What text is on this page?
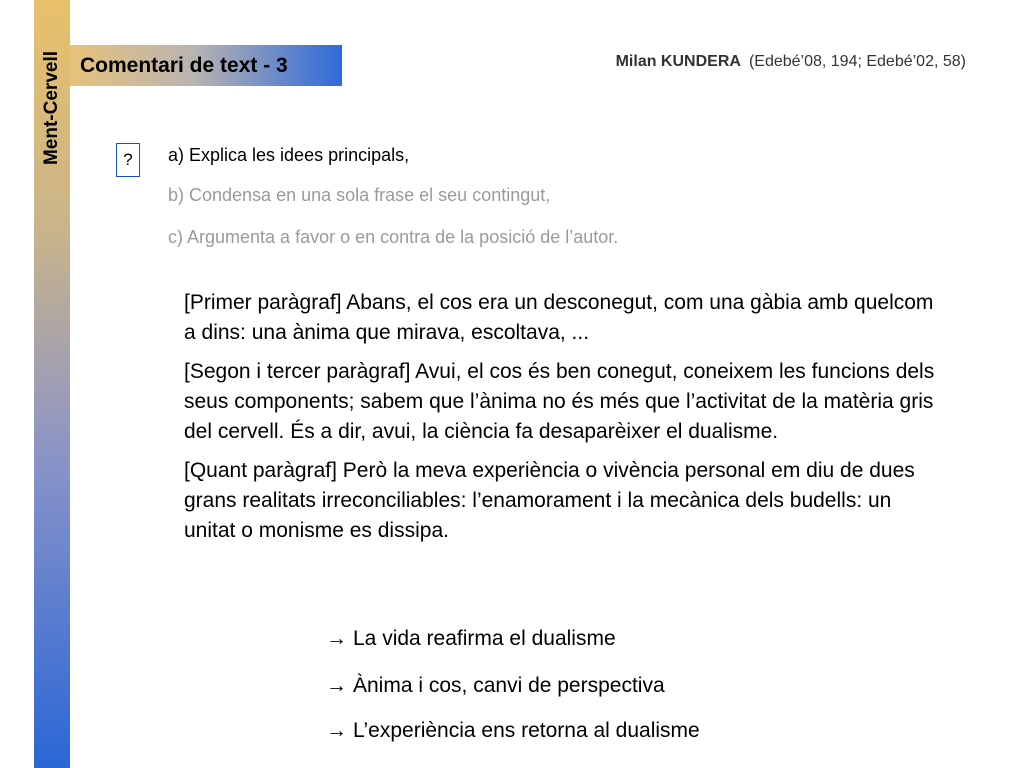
Ment-Cervell Comentari de text - 3	Milan KUNDERA (Edebé’08, 194; Edebé’02, 58)
?	a) Explica les idees principals,
b) Condensa en una sola frase el seu contingut,
c) Argumenta a favor o en contra de la posició de l’autor.

[Primer paràgraf] Abans, el cos era un desconegut, com una gàbia amb quelcom a dins: una ànima que mirava, escoltava, ...

[Segon i tercer paràgraf] Avui, el cos és ben conegut, coneixem les funcions dels seus components; sabem que l’ànima no és més que l’activitat de la matèria gris del cervell. És a dir, avui, la ciència fa desaparèixer el dualisme.

[Quant paràgraf] Però la meva experiència o vivència personal em diu de dues grans realitats irreconciliables: l’enamorament i la mecànica dels budells: un unitat o monisme es dissipa.

→ La vida reafirma el dualisme
→ Ànima i cos, canvi de perspectiva
→ L’experiència ens retorna al dualisme
